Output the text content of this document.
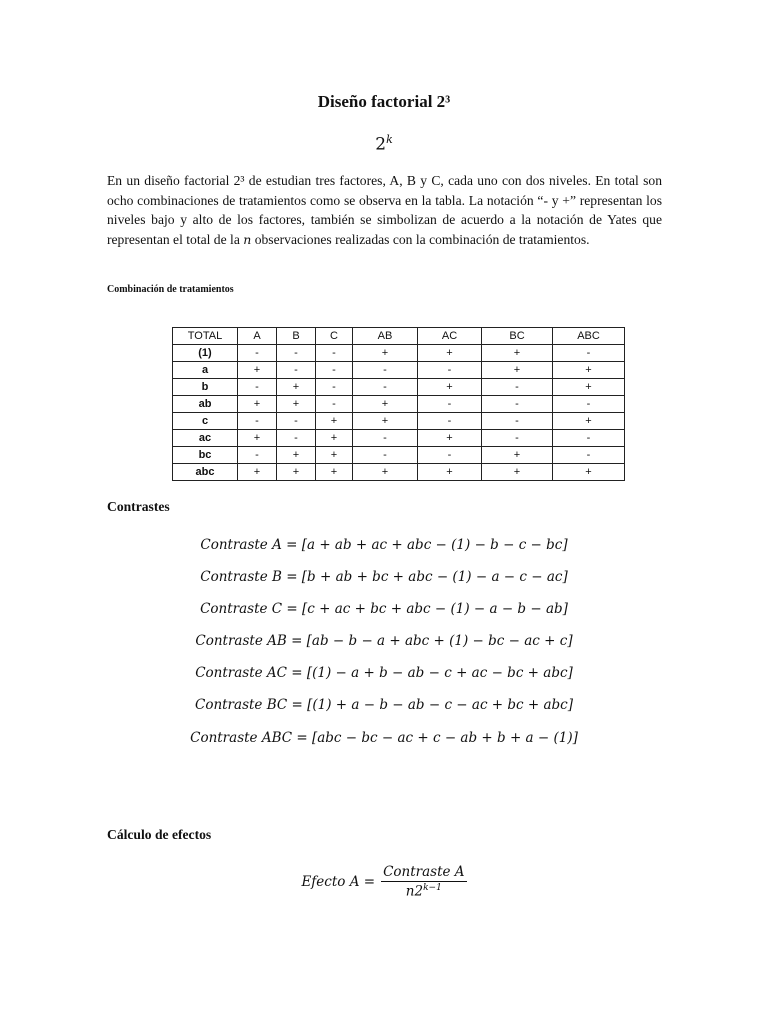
Diseño factorial 2³
2$^k$

En un diseño factorial 2³ de estudian tres factores, A, B y C, cada uno con dos niveles. En total son ocho combinaciones de tratamientos como se observa en la tabla. La notación “- y +” representan los niveles bajo y alto de los factores, también se simbolizan de acuerdo a la notación de Yates que representan el total de la n observaciones realizadas con la combinación de tratamientos.

Combinación de tratamientos
TOTAL	A	B	C	AB	AC	BC	ABC
(1)	-	-	-	+	+	+	-
a	+	-	-	-	-	+	+
b	-	+	-	-	+	-	+
ab	+	+	-	+	-	-	-
c	-	-	+	+	-	-	+
ac	+	-	+	-	+	-	-
bc	-	+	+	-	-	+	-
abc	+	+	+	+	+	+	+
Contrastes
Contraste A = [a + ab + ac + abc − (1) − b − c − bc]
Contraste B = [b + ab + bc + abc − (1) − a − c − ac]
Contraste C = [c + ac + bc + abc − (1) − a − b − ab]
Contraste AB = [ab − b − a + abc + (1) − bc − ac + c]
Contraste AC = [(1) − a + b − ab − c + ac − bc + abc]
Contraste BC = [(1) + a − b − ab − c − ac + bc + abc]
Contraste ABC = [abc − bc − ac + c − ab + b + a − (1)]
Cálculo de efectos
Efecto $A = \frac{\text{Contraste A}}{n2^{k-1}}$
